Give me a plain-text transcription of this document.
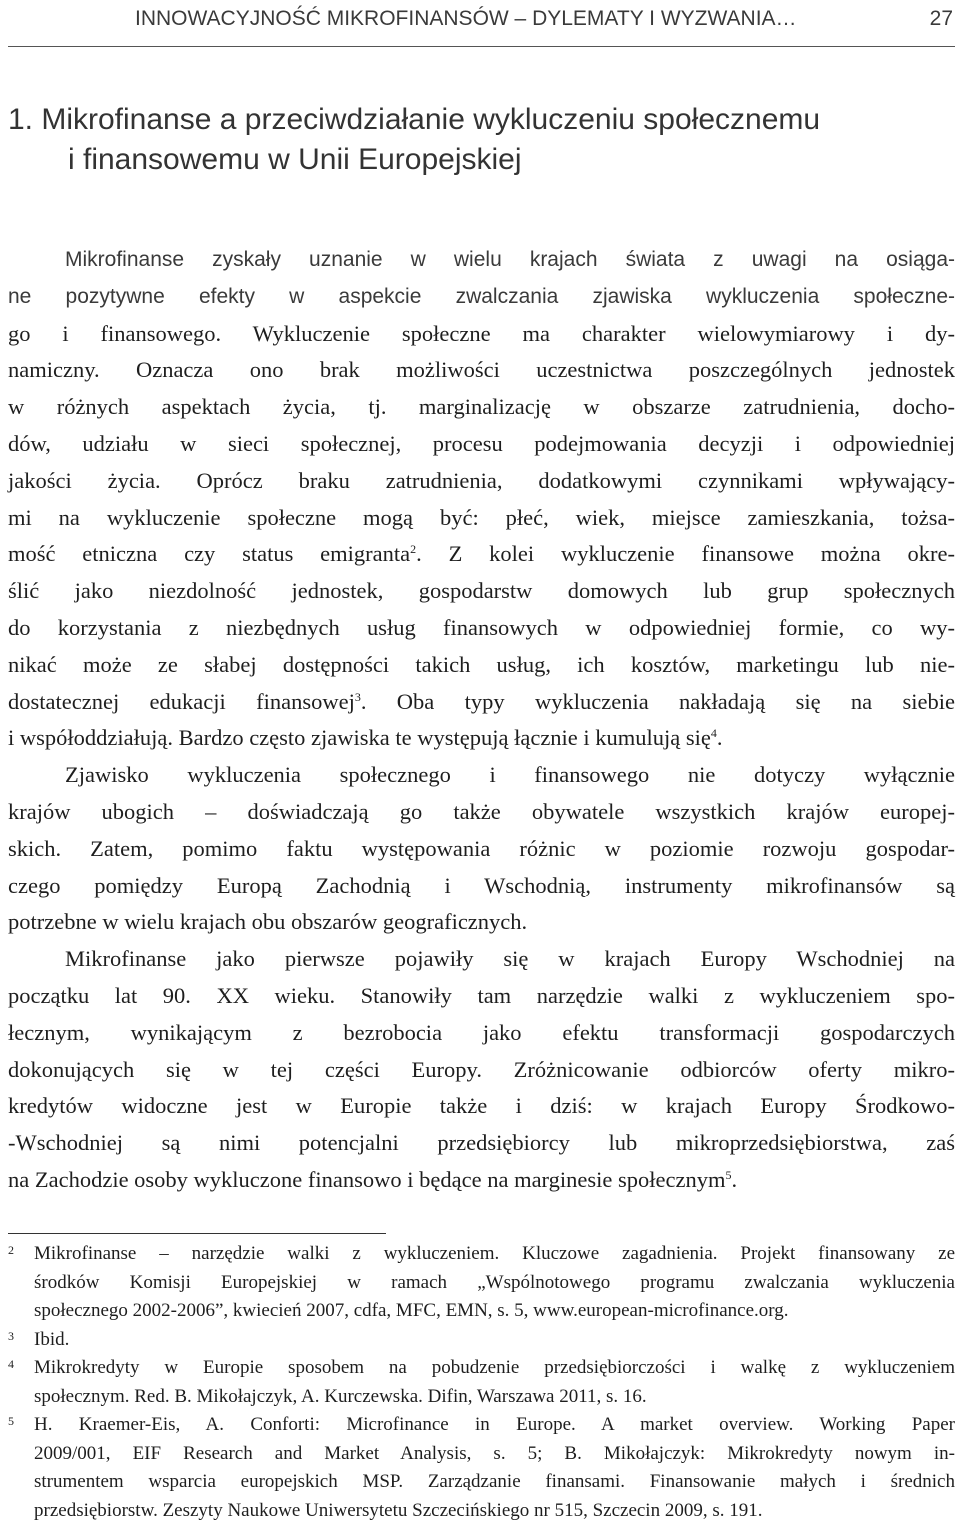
INNOWACYJNOŚĆ MIKROFINANSÓW – DYLEMATY I WYZWANIA…	27
1. Mikrofinanse a przeciwdziałanie wykluczeniu społecznemu
i finansowemu w Unii Europejskiej
Mikrofinanse zyskały uznanie w wielu krajach świata z uwagi na osiąga-
ne pozytywne efekty w aspekcie zwalczania zjawiska wykluczenia społeczne-
go i finansowego. Wykluczenie społeczne ma charakter wielowymiarowy i dy-
namiczny. Oznacza ono brak możliwości uczestnictwa poszczególnych jednostek
w różnych aspektach życia, tj. marginalizację w obszarze zatrudnienia, docho-
dów, udziału w sieci społecznej, procesu podejmowania decyzji i odpowiedniej
jakości życia. Oprócz braku zatrudnienia, dodatkowymi czynnikami wpływający-
mi na wykluczenie społeczne mogą być: płeć, wiek, miejsce zamieszkania, tożsa-
mość etniczna czy status emigranta$^2$. Z kolei wykluczenie finansowe można okre-
ślić jako niezdolność jednostek, gospodarstw domowych lub grup społecznych
do korzystania z niezbędnych usług finansowych w odpowiedniej formie, co wy-
nikać może ze słabej dostępności takich usług, ich kosztów, marketingu lub nie-
dostatecznej edukacji finansowej$^3$. Oba typy wykluczenia nakładają się na siebie
i współoddziałują. Bardzo często zjawiska te występują łącznie i kumulują się$^4$.
Zjawisko wykluczenia społecznego i finansowego nie dotyczy wyłącznie
krajów ubogich – doświadczają go także obywatele wszystkich krajów europej-
skich. Zatem, pomimo faktu występowania różnic w poziomie rozwoju gospodar-
czego pomiędzy Europą Zachodnią i Wschodnią, instrumenty mikrofinansów są
potrzebne w wielu krajach obu obszarów geograficznych.
Mikrofinanse jako pierwsze pojawiły się w krajach Europy Wschodniej na
początku lat 90. XX wieku. Stanowiły tam narzędzie walki z wykluczeniem spo-
łecznym, wynikającym z bezrobocia jako efektu transformacji gospodarczych
dokonujących się w tej części Europy. Zróżnicowanie odbiorców oferty mikro-
kredytów widoczne jest w Europie także i dziś: w krajach Europy Środkowo-
-Wschodniej są nimi potencjalni przedsiębiorcy lub mikroprzedsiębiorstwa, zaś
na Zachodzie osoby wykluczone finansowo i będące na marginesie społecznym$^5$.
2 Mikrofinanse – narzędzie walki z wykluczeniem. Kluczowe zagadnienia. Projekt finansowany ze
środków Komisji Europejskiej w ramach „Wspólnotowego programu zwalczania wykluczenia
społecznego 2002-2006”, kwiecień 2007, cdfa, MFC, EMN, s. 5, www.european-microfinance.org.
3 Ibid.
4 Mikrokredyty w Europie sposobem na pobudzenie przedsiębiorczości i walkę z wykluczeniem
społecznym. Red. B. Mikołajczyk, A. Kurczewska. Difin, Warszawa 2011, s. 16.
5 H. Kraemer-Eis, A. Conforti: Microfinance in Europe. A market overview. Working Paper
2009/001, EIF Research and Market Analysis, s. 5; B. Mikołajczyk: Mikrokredyty nowym in-
strumentem wsparcia europejskich MSP. Zarządzanie finansami. Finansowanie małych i średnich
przedsiębiorstw. Zeszyty Naukowe Uniwersytetu Szczecińskiego nr 515, Szczecin 2009, s. 191.
